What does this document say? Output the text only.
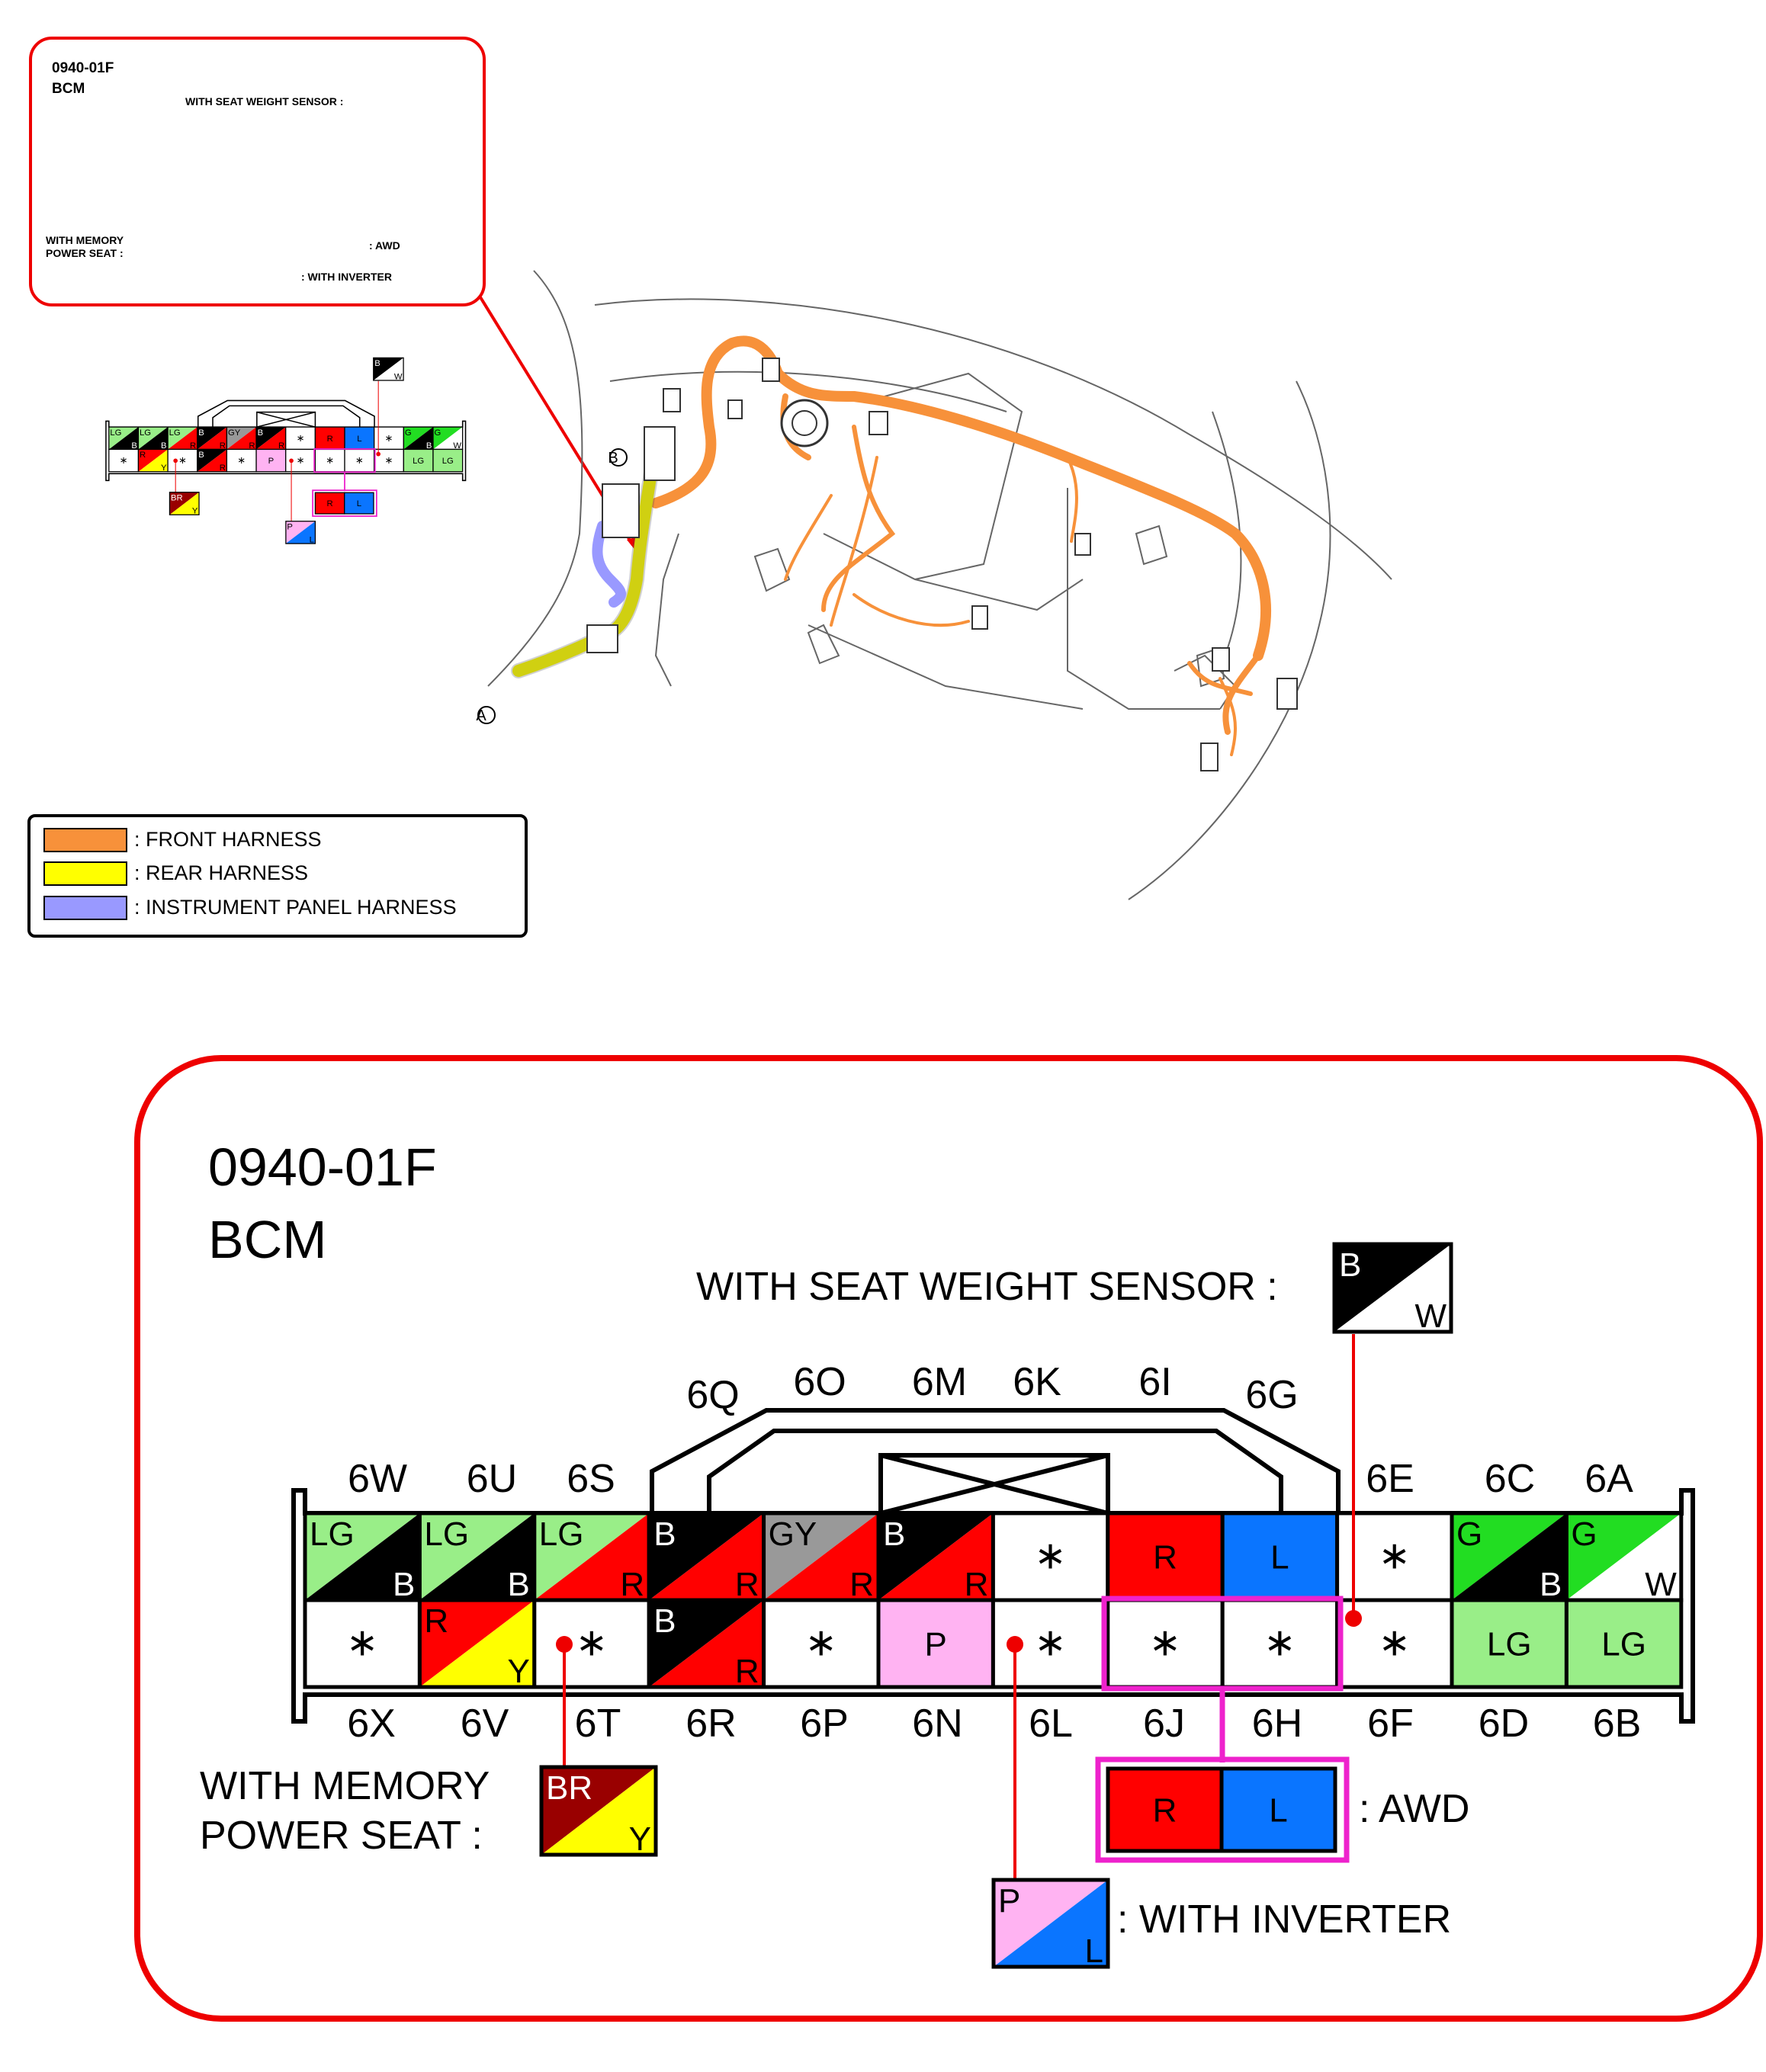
0940-01F
BCM
WITH SEAT WEIGHT SENSOR :
R L
B
W
BR
Y
P
L
WITH MEMORY
POWER SEAT :
: AWD
: WITH INVERTER
B
A
: FRONT HARNESS
: REAR HARNESS
: INSTRUMENT PANEL HARNESS
0940-01F
BCM
6W 6U 6S
6Q 6O 6M 6K 6I 6G
6E 6C 6A
6X 6V 6T 6R 6P 6N 6L 6J 6H 6F 6D 6B
R	L
B
W
BR
Y
P
L
WITH SEAT WEIGHT SENSOR :
WITH MEMORY
POWER SEAT :
: AWD
: WITH INVERTER
